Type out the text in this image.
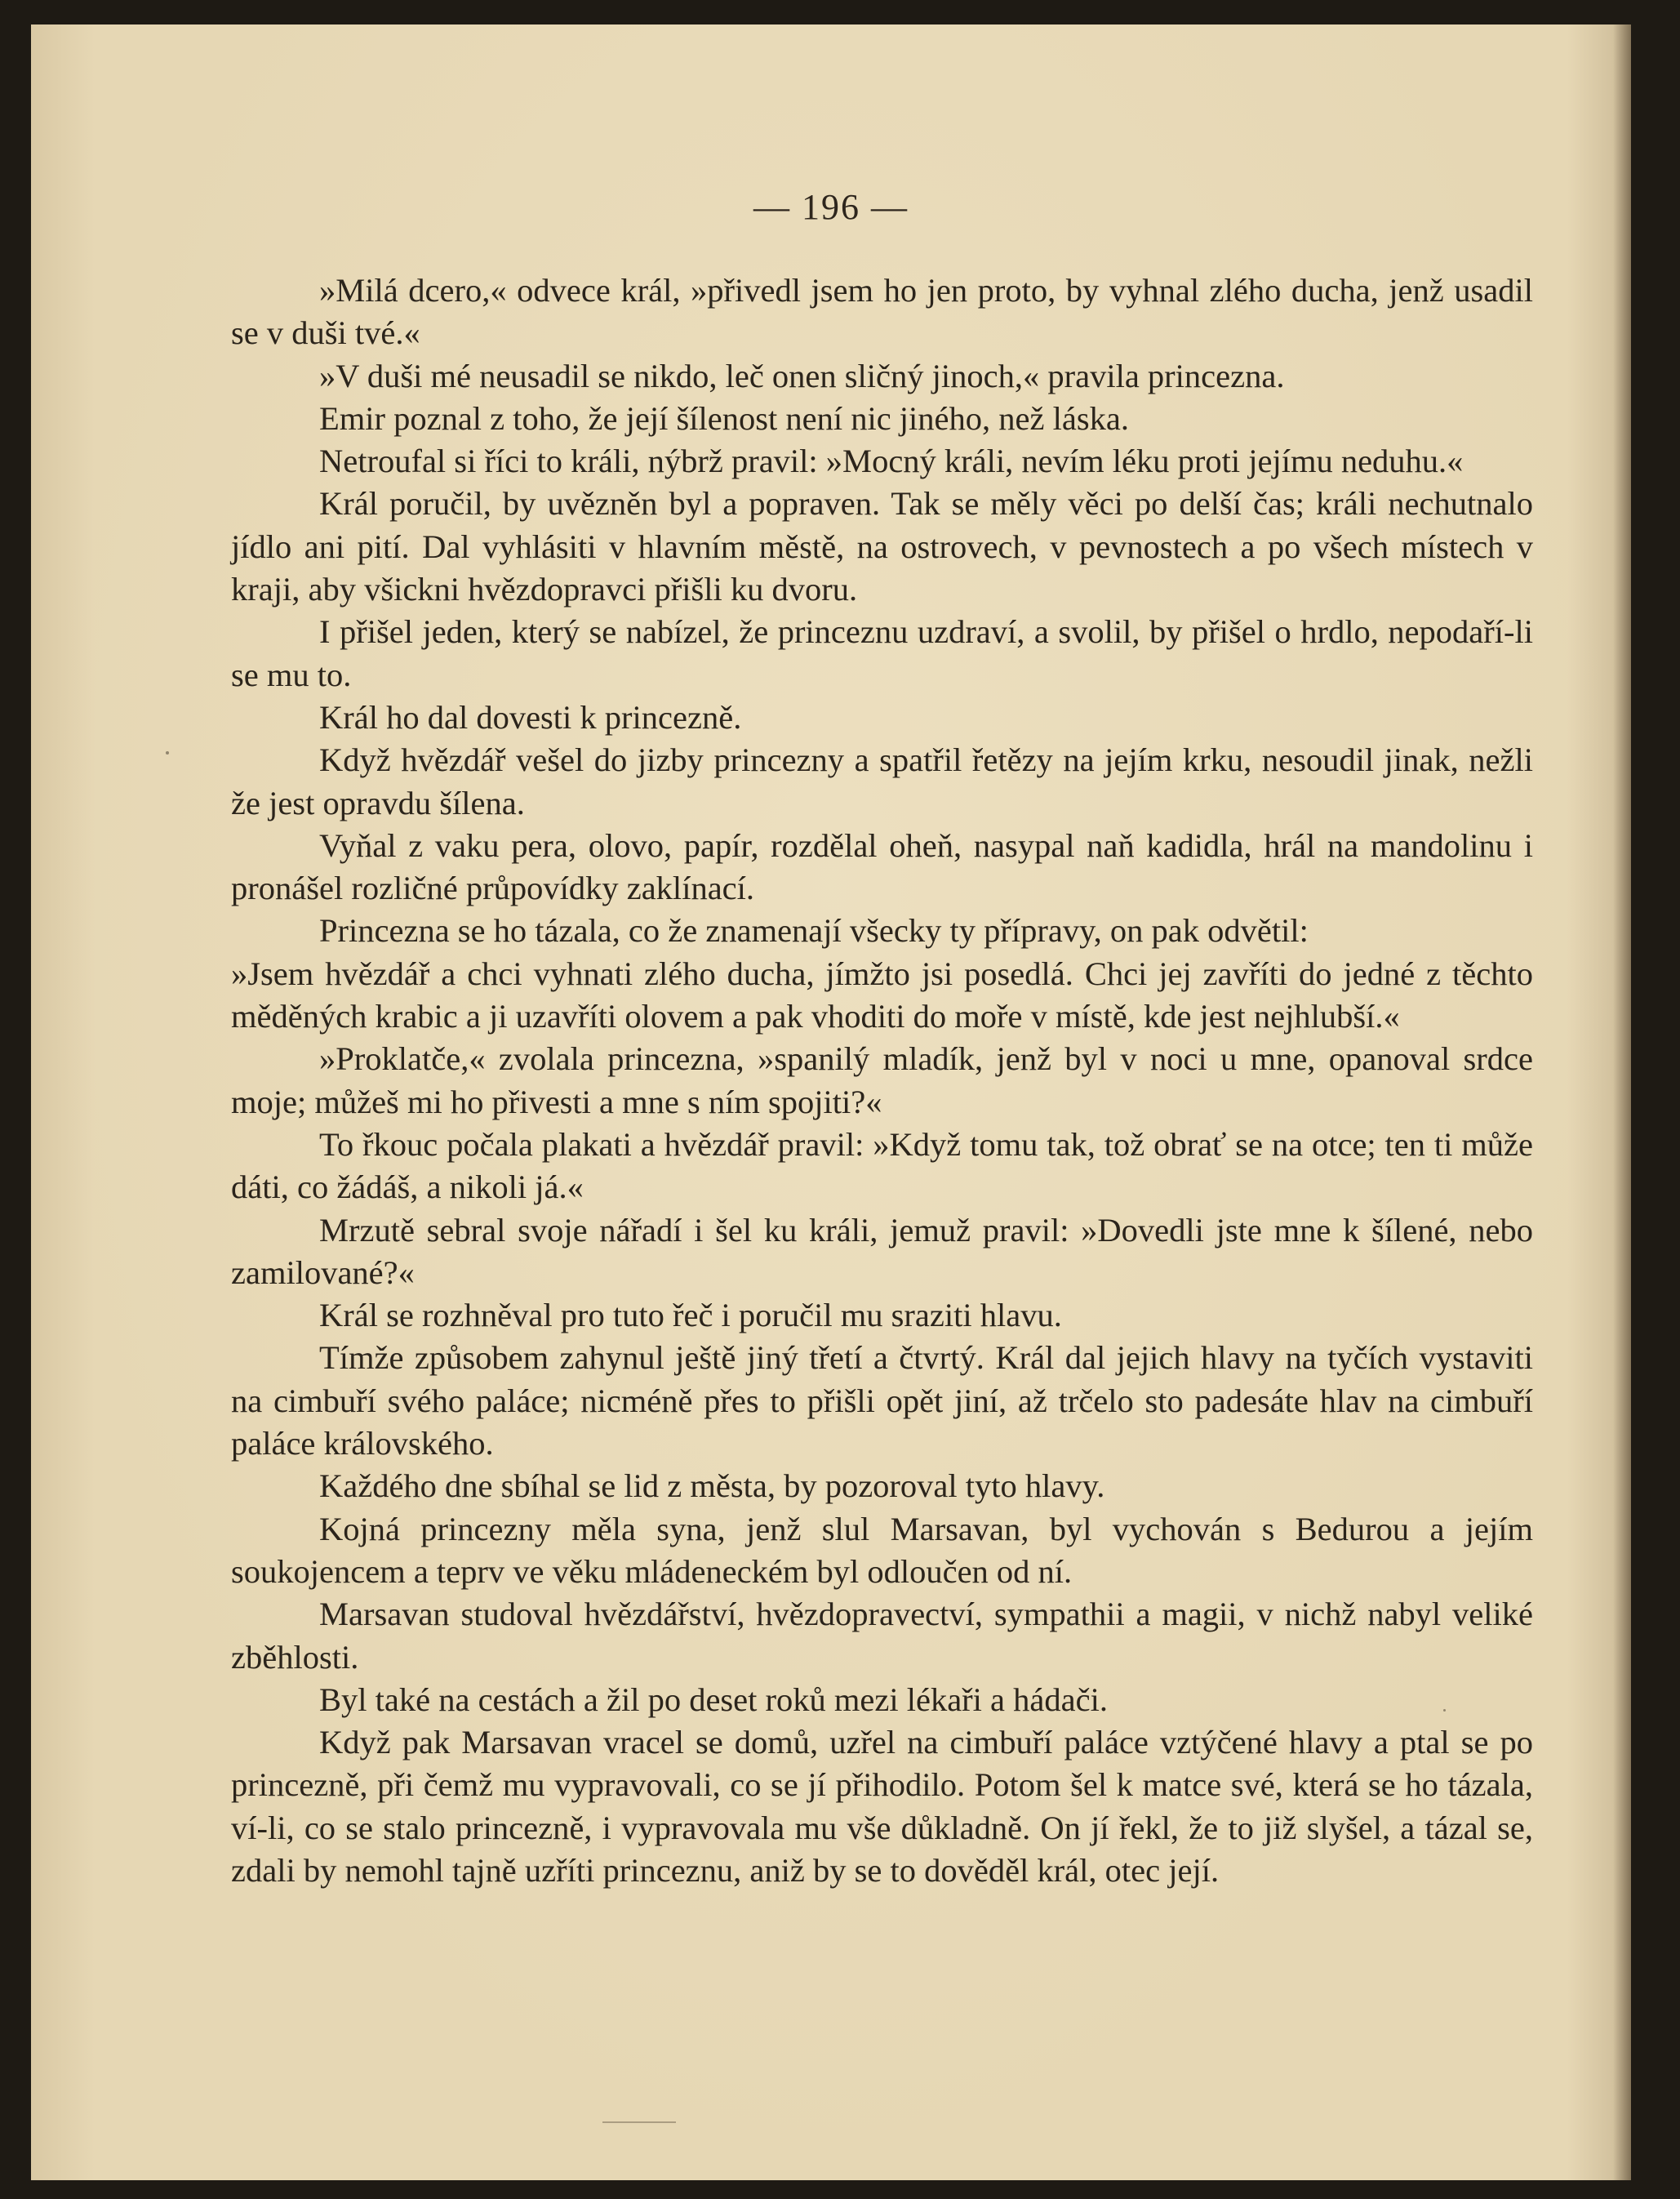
— 196 —

»Milá dcero,« odvece král, »přivedl jsem ho jen proto, by vyhnal zlého ducha, jenž usadil se v duši tvé.«

»V duši mé neusadil se nikdo, leč onen sličný jinoch,« pravila princezna.

Emir poznal z toho, že její šílenost není nic jiného, než láska.

Netroufal si říci to králi, nýbrž pravil: »Mocný králi, nevím léku proti jejímu neduhu.«

Král poručil, by uvězněn byl a popraven. Tak se měly věci po delší čas; králi nechutnalo jídlo ani pití. Dal vyhlásiti v hlavním městě, na ostrovech, v pevnostech a po všech místech v kraji, aby všickni hvězdopravci přišli ku dvoru.

I přišel jeden, který se nabízel, že princeznu uzdraví, a svolil, by přišel o hrdlo, nepodaří-li se mu to.

Král ho dal dovesti k princezně.

Když hvězdář vešel do jizby princezny a spatřil řetězy na jejím krku, nesoudil jinak, nežli že jest opravdu šílena.

Vyňal z vaku pera, olovo, papír, rozdělal oheň, nasypal naň kadidla, hrál na mandolinu i pronášel rozličné průpovídky zaklínací.

Princezna se ho tázala, co že znamenají všecky ty přípravy, on pak odvětil:

»Jsem hvězdář a chci vyhnati zlého ducha, jímžto jsi posedlá. Chci jej zavříti do jedné z těchto měděných krabic a ji uzavříti olovem a pak vhoditi do moře v místě, kde jest nejhlubší.«

»Proklatče,« zvolala princezna, »spanilý mladík, jenž byl v noci u mne, opanoval srdce moje; můžeš mi ho přivesti a mne s ním spojiti?«

To řkouc počala plakati a hvězdář pravil: »Když tomu tak, tož obrať se na otce; ten ti může dáti, co žádáš, a nikoli já.«

Mrzutě sebral svoje nářadí i šel ku králi, jemuž pravil: »Dovedli jste mne k šílené, nebo zamilované?«

Král se rozhněval pro tuto řeč i poručil mu sraziti hlavu.

Tímže způsobem zahynul ještě jiný třetí a čtvrtý. Král dal jejich hlavy na tyčích vystaviti na cimbuří svého paláce; nicméně přes to přišli opět jiní, až trčelo sto padesáte hlav na cimbuří paláce královského.

Každého dne sbíhal se lid z města, by pozoroval tyto hlavy.

Kojná princezny měla syna, jenž slul Marsavan, byl vychován s Bedurou a jejím soukojencem a teprv ve věku mládeneckém byl odloučen od ní.

Marsavan studoval hvězdářství, hvězdopravectví, sympathii a magii, v nichž nabyl veliké zběhlosti.

Byl také na cestách a žil po deset roků mezi lékaři a hádači.

Když pak Marsavan vracel se domů, uzřel na cimbuří paláce vztýčené hlavy a ptal se po princezně, při čemž mu vypravovali, co se jí přihodilo. Potom šel k matce své, která se ho tázala, ví-li, co se stalo princezně, i vypravovala mu vše důkladně. On jí řekl, že to již slyšel, a tázal se, zdali by nemohl tajně uzříti princeznu, aniž by se to dověděl král, otec její.
